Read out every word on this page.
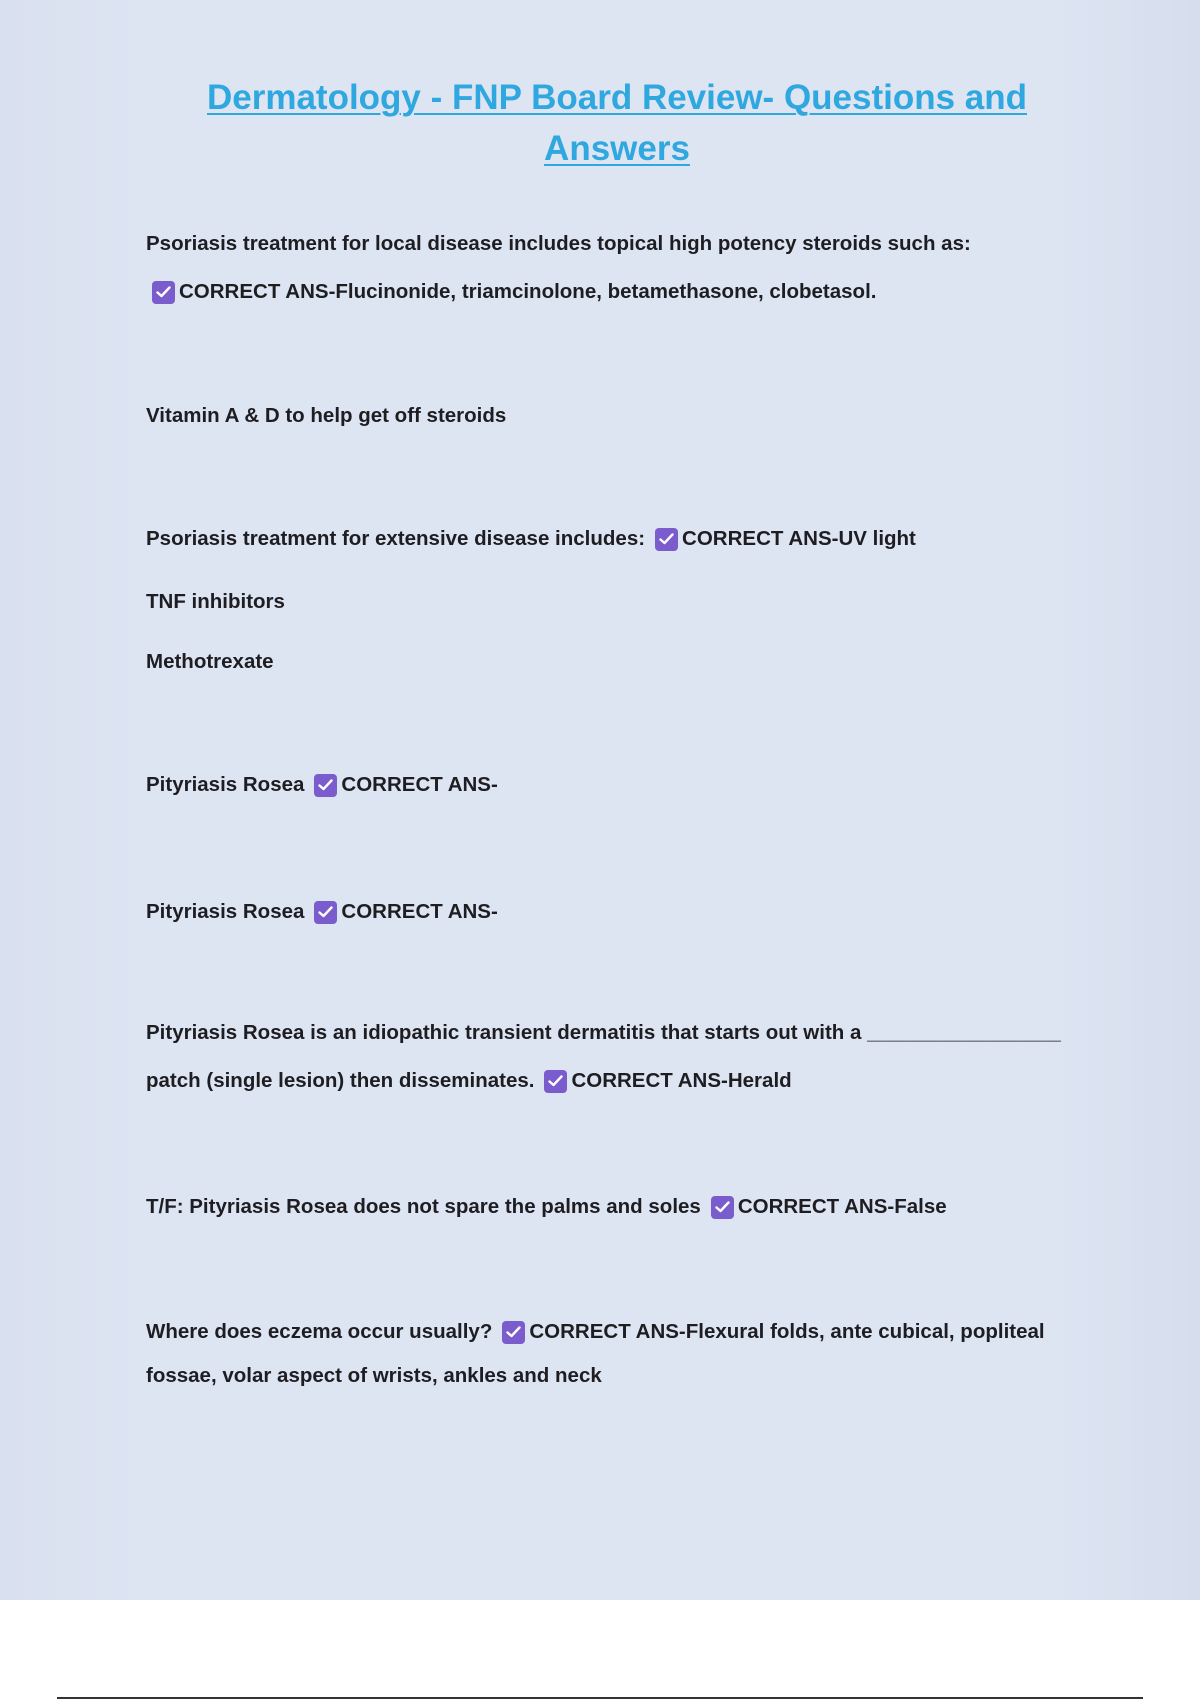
Dermatology - FNP Board Review- Questions and Answers
Psoriasis treatment for local disease includes topical high potency steroids such as:
CORRECT ANS-Flucinonide, triamcinolone, betamethasone, clobetasol.
Vitamin A & D to help get off steroids
Psoriasis treatment for extensive disease includes: CORRECT ANS-UV light
TNF inhibitors
Methotrexate
Pityriasis Rosea CORRECT ANS-
Pityriasis Rosea CORRECT ANS-
Pityriasis Rosea is an idiopathic transient dermatitis that starts out with a _________________
patch (single lesion) then disseminates. CORRECT ANS-Herald
T/F: Pityriasis Rosea does not spare the palms and soles CORRECT ANS-False
Where does eczema occur usually? CORRECT ANS-Flexural folds, ante cubical, popliteal
fossae, volar aspect of wrists, ankles and neck
